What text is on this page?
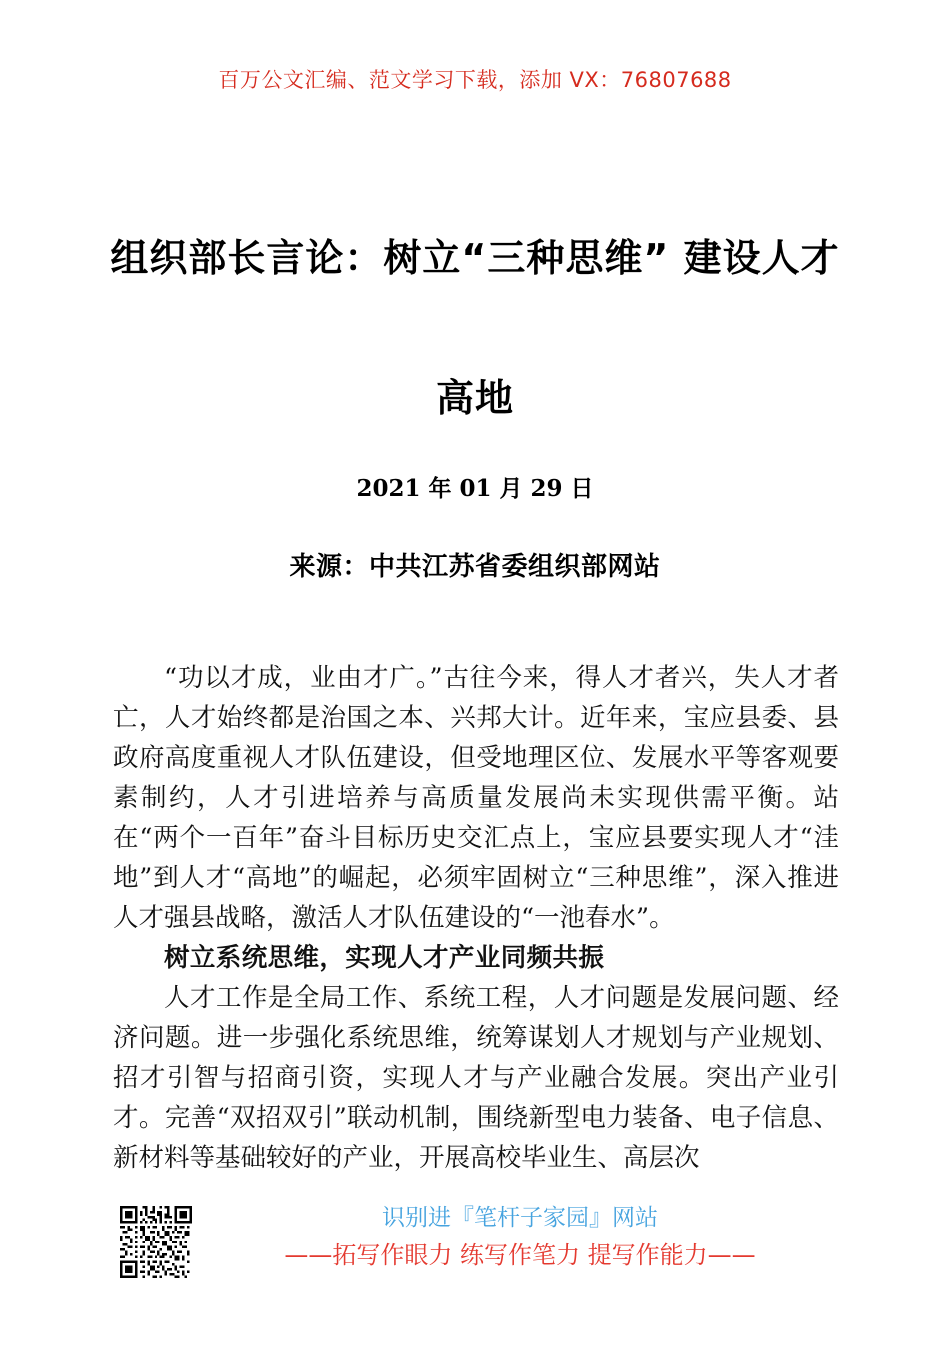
百万公文汇编、范文学习下载，添加 VX：76807688
组织部长言论：树立“三种思维” 建设人才
高地
2021 年 01 月 29 日
来源：中共江苏省委组织部网站

“功以才成，业由才广。”古往今来，得人才者兴，失人才者亡，人才始终都是治国之本、兴邦大计。近年来，宝应县委、县政府高度重视人才队伍建设，但受地理区位、发展水平等客观要素制约，人才引进培养与高质量发展尚未实现供需平衡。站在“两个一百年”奋斗目标历史交汇点上，宝应县要实现人才“洼地”到人才“高地”的崛起，必须牢固树立“三种思维”，深入推进人才强县战略，激活人才队伍建设的“一池春水”。

树立系统思维，实现人才产业同频共振

人才工作是全局工作、系统工程，人才问题是发展问题、经济问题。进一步强化系统思维，统筹谋划人才规划与产业规划、招才引智与招商引资，实现人才与产业融合发展。突出产业引才。完善“双招双引”联动机制，围绕新型电力装备、电子信息、新材料等基础较好的产业，开展高校毕业生、高层次

识别进『笔杆子家园』网站
——拓写作眼力 练写作笔力 提写作能力——
